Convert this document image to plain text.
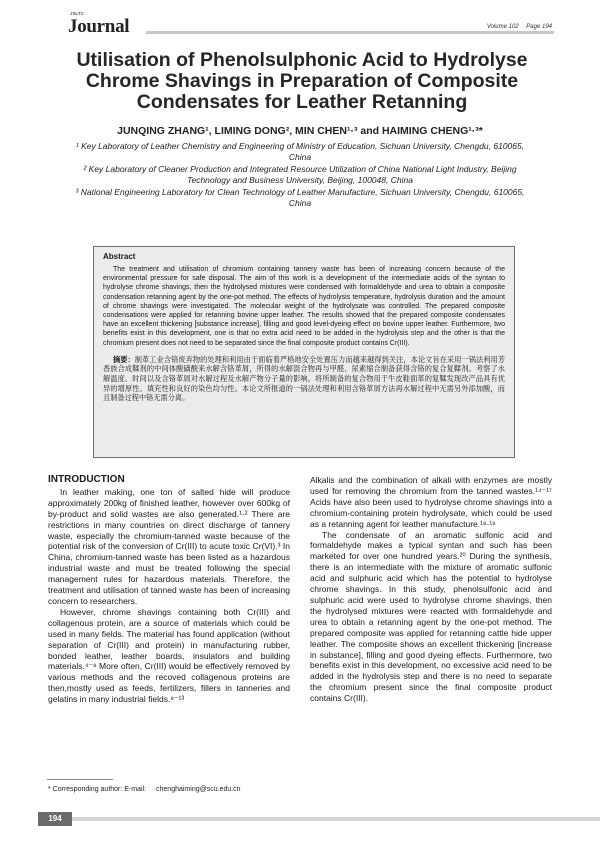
JSLTC
Journal	Volume 102 Page 194
Utilisation of Phenolsulphonic Acid to Hydrolyse Chrome Shavings in Preparation of Composite Condensates for Leather Retanning
JUNQING ZHANG¹, LIMING DONG², MIN CHEN¹·³ and HAIMING CHENG¹·³*
¹ Key Laboratory of Leather Chemistry and Engineering of Ministry of Education, Sichuan University, Chengdu, 610065, China
² Key Laboratory of Cleaner Production and Integrated Resource Utilization of China National Light Industry, Beijing Technology and Business University, Beijing, 100048, China
³ National Engineering Laboratory for Clean Technology of Leather Manufacture, Sichuan University, Chengdu, 610065, China

Abstract

The treatment and utilisation of chromium containing tannery waste has been of increasing concern because of the environmental pressure for safe disposal. The aim of this work is a development of the intermediate acids of the syntan to hydrolyse chrome shavings, then the hydrolysed mixtures were condensed with formaldehyde and urea to obtain a composite condensation retanning agent by the one-pot method. The effects of hydrolysis temperature, hydrolysis duration and the amount of chrome shavings were investigated. The molecular weight of the hydrolysate was controlled. The prepared composite condensations were applied for retanning bovine upper leather. The results showed that the prepared composite condensates have an excellent thickening [substance increase], filling and good level-dyeing effect on bovine upper leather. Furthermore, two benefits exist in this development, one is that no extra acid need to be added in the hydrolysis step and the other is that the chromium present does not need to be separated since the final composite product contains Cr(III).

摘要：制革工业含铬废弃物的处理和利用由于面临着严格地安全处置压力而越来越得到关注，本论文旨在采用一锅法利用芳香族合成鞣剂的中间体酸磺酸来水解含铬革屑，所得的水解混合物再与甲醛、尿素缩合制备获得含铬的复合复鞣剂。考察了水解温度、时间以及含铬革屑对水解过程及水解产物分子量的影响。将所制备的复合物用于牛皮鞋面革的复鞣发现改产品具有优异的增厚性、填充性和良好的染色均匀性。本论文所报道的一锅法处理和利用含铬革屑方法再水解过程中无需另外添加酸，而且制备过程中铬无需分离。

INTRODUCTION

In leather making, one ton of salted hide will produce approximately 200kg of finished leather, however over 600kg of by-product and solid wastes are also generated.¹·² There are restrictions in many countries on direct discharge of tannery waste, especially the chromium-tanned waste because of the potential risk of the conversion of Cr(III) to acute toxic Cr(VI).³ In China, chromium-tanned waste has been listed as a hazardous industrial waste and must be treated following the special management rules for hazardous materials. Therefore, the treatment and utilisation of tanned waste has been of increasing concern to researchers.

However, chrome shavings containing both Cr(III) and collagenous protein, are a source of materials which could be used in many fields. The material has found application (without separation of Cr(III) and protein) in manufacturing rubber, bonded leather, leather boards, insulators and building materials.⁴⁻⁸ More often, Cr(III) would be effectively removed by various methods and the recoved collagenous proteins are then,mostly used as feeds, fertilizers, fillers in tanneries and gelatins in many industrial fields.⁹⁻¹³

Alkalis and the combination of alkali with enzymes are mostly used for removing the chromium from the tanned wastes.¹⁴⁻¹⁷ Acids have also been used to hydrolyse chrome shavings into a chromium-containing protein hydrolysate, which could be used as a retanning agent for leather manufacture.¹⁸·¹⁹

The condensate of an aromatic sulfonic acid and formaldehyde makes a typical syntan and such has been marketed for over one hundred years.²⁰ During the synthesis, there is an intermediate with the mixture of aromatic sulfonic acid and sulphuric acid which has the potential to hydrolyse chrome shavings. In this study, phenolsulfonic acid and sulphuric acid were used to hydrolyse chrome shavings, then the hydrolysed mixtures were reacted with formaldehyde and urea to obtain a retanning agent by the one-pot method. The prepared composite was applied for retanning cattle hide upper leather. The composite shows an excellent thickening [increase in substance], filling and good dyeing effects. Furthermore, two benefits exist in this development, no excessive acid need to be added in the hydrolysis step and there is no need to separate the chromium present since the final composite product contains Cr(III).

* Corresponding author: E-mail: chenghaiming@scu.edu.cn
194
